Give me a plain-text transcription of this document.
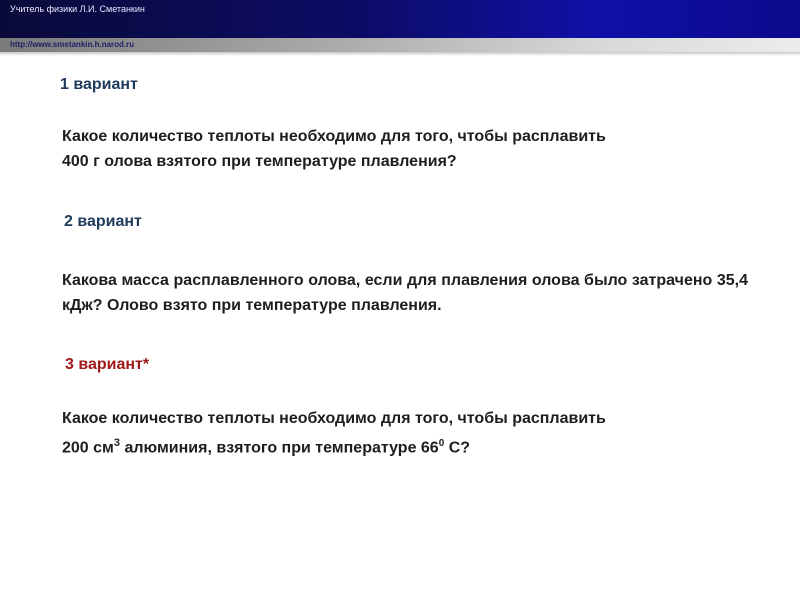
Учитель физики Л.И. Сметанкин
http://www.smetankin.h.narod.ru
1 вариант

Какое количество теплоты необходимо для того, чтобы расплавить

400 г олова взятого при температуре плавления?

2 вариант

Какова масса расплавленного олова, если для плавления олова было затрачено 35,4 кДж? Олово взято при температуре плавления.

3 вариант*

Какое количество теплоты необходимо для того, чтобы расплавить

200 $см^3$ алюминия, взятого при температуре $66^0$ С?
